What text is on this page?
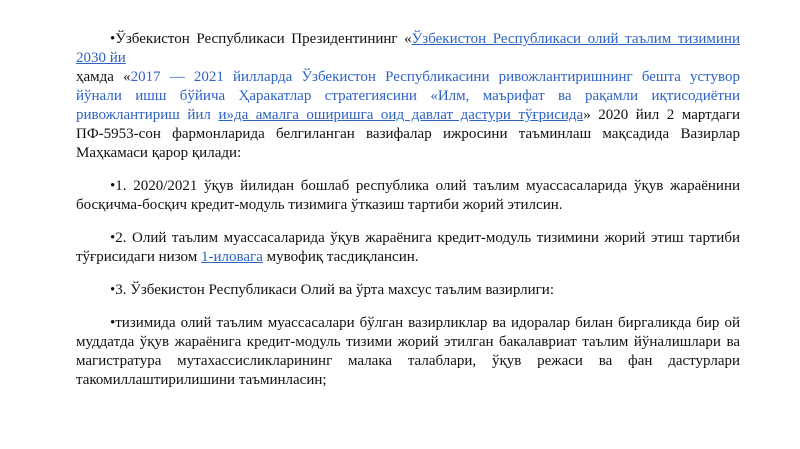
•Ўзбекистон Республикаси Президентининг «Ўзбекистон Республикаси олий таълим тизимини 2030 йи
ҳамда «2017 — 2021 йилларда Ўзбекистон Республикасини ривожлантиришнинг бешта устувор йўнали ишш бўйича Ҳаракатлар стратегиясини «Илм, маърифат ва рақамли иқтисодиётни ривожлантириш йил и»да амалга оширишга оид давлат дастури тўғрисида» 2020 йил 2 мартдаги ПФ-5953-сон фармонларида белгиланган вазифалар ижросини таъминлаш мақсадида Вазирлар Маҳкамаси қарор қилади:

•1. 2020/2021 ўқув йилидан бошлаб республика олий таълим муассасаларида ўқув жараёнини босқичма-босқич кредит-модуль тизимига ўтказиш тартиби жорий этилсин.

•2. Олий таълим муассасаларида ўқув жараёнига кредит-модуль тизимини жорий этиш тартиби тўғрисидаги низом 1-иловага мувофиқ тасдиқлансин.

•3. Ўзбекистон Республикаси Олий ва ўрта махсус таълим вазирлиги:

•тизимида олий таълим муассасалари бўлган вазирликлар ва идоралар билан биргаликда бир ой муддатда ўқув жараёнига кредит-модуль тизими жорий этилган бакалавриат таълим йўналишлари ва магистратура мутахассисликларининг малака талаблари, ўқув режаси ва фан дастурлари такомиллаштирилишини таъминласин;
